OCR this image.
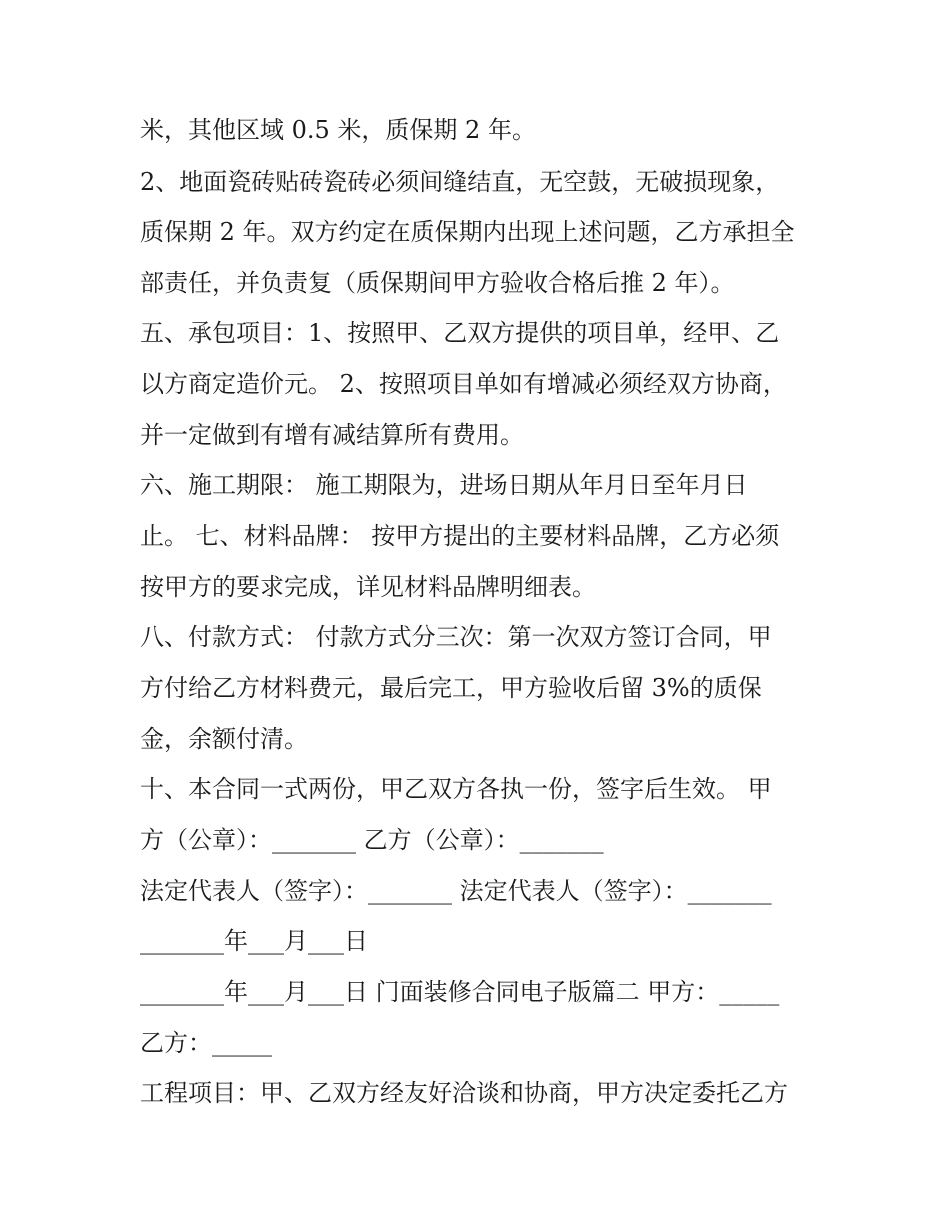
米，其他区域 0.5 米，质保期 2 年。
2、地面瓷砖贴砖瓷砖必须间缝结直，无空鼓，无破损现象，
质保期 2 年。双方约定在质保期内出现上述问题，乙方承担全
部责任，并负责复（质保期间甲方验收合格后推 2 年）。
五、承包项目：1、按照甲、乙双方提供的项目单，经甲、乙
以方商定造价元。 2、按照项目单如有增减必须经双方协商，
并一定做到有增有减结算所有费用。
六、施工期限： 施工期限为，进场日期从年月日至年月日
止。 七、材料品牌： 按甲方提出的主要材料品牌，乙方必须
按甲方的要求完成，详见材料品牌明细表。
八、付款方式： 付款方式分三次：第一次双方签订合同，甲
方付给乙方材料费元，最后完工，甲方验收后留 3%的质保
金，余额付清。
十、本合同一式两份，甲乙双方各执一份，签字后生效。 甲
方（公章）：_______ 乙方（公章）：_______
法定代表人（签字）：_______ 法定代表人（签字）：_______
_______年___月___日
_______年___月___日 门面装修合同电子版篇二 甲方：_____
乙方：_____
工程项目：甲、乙双方经友好洽谈和协商，甲方决定委托乙方
